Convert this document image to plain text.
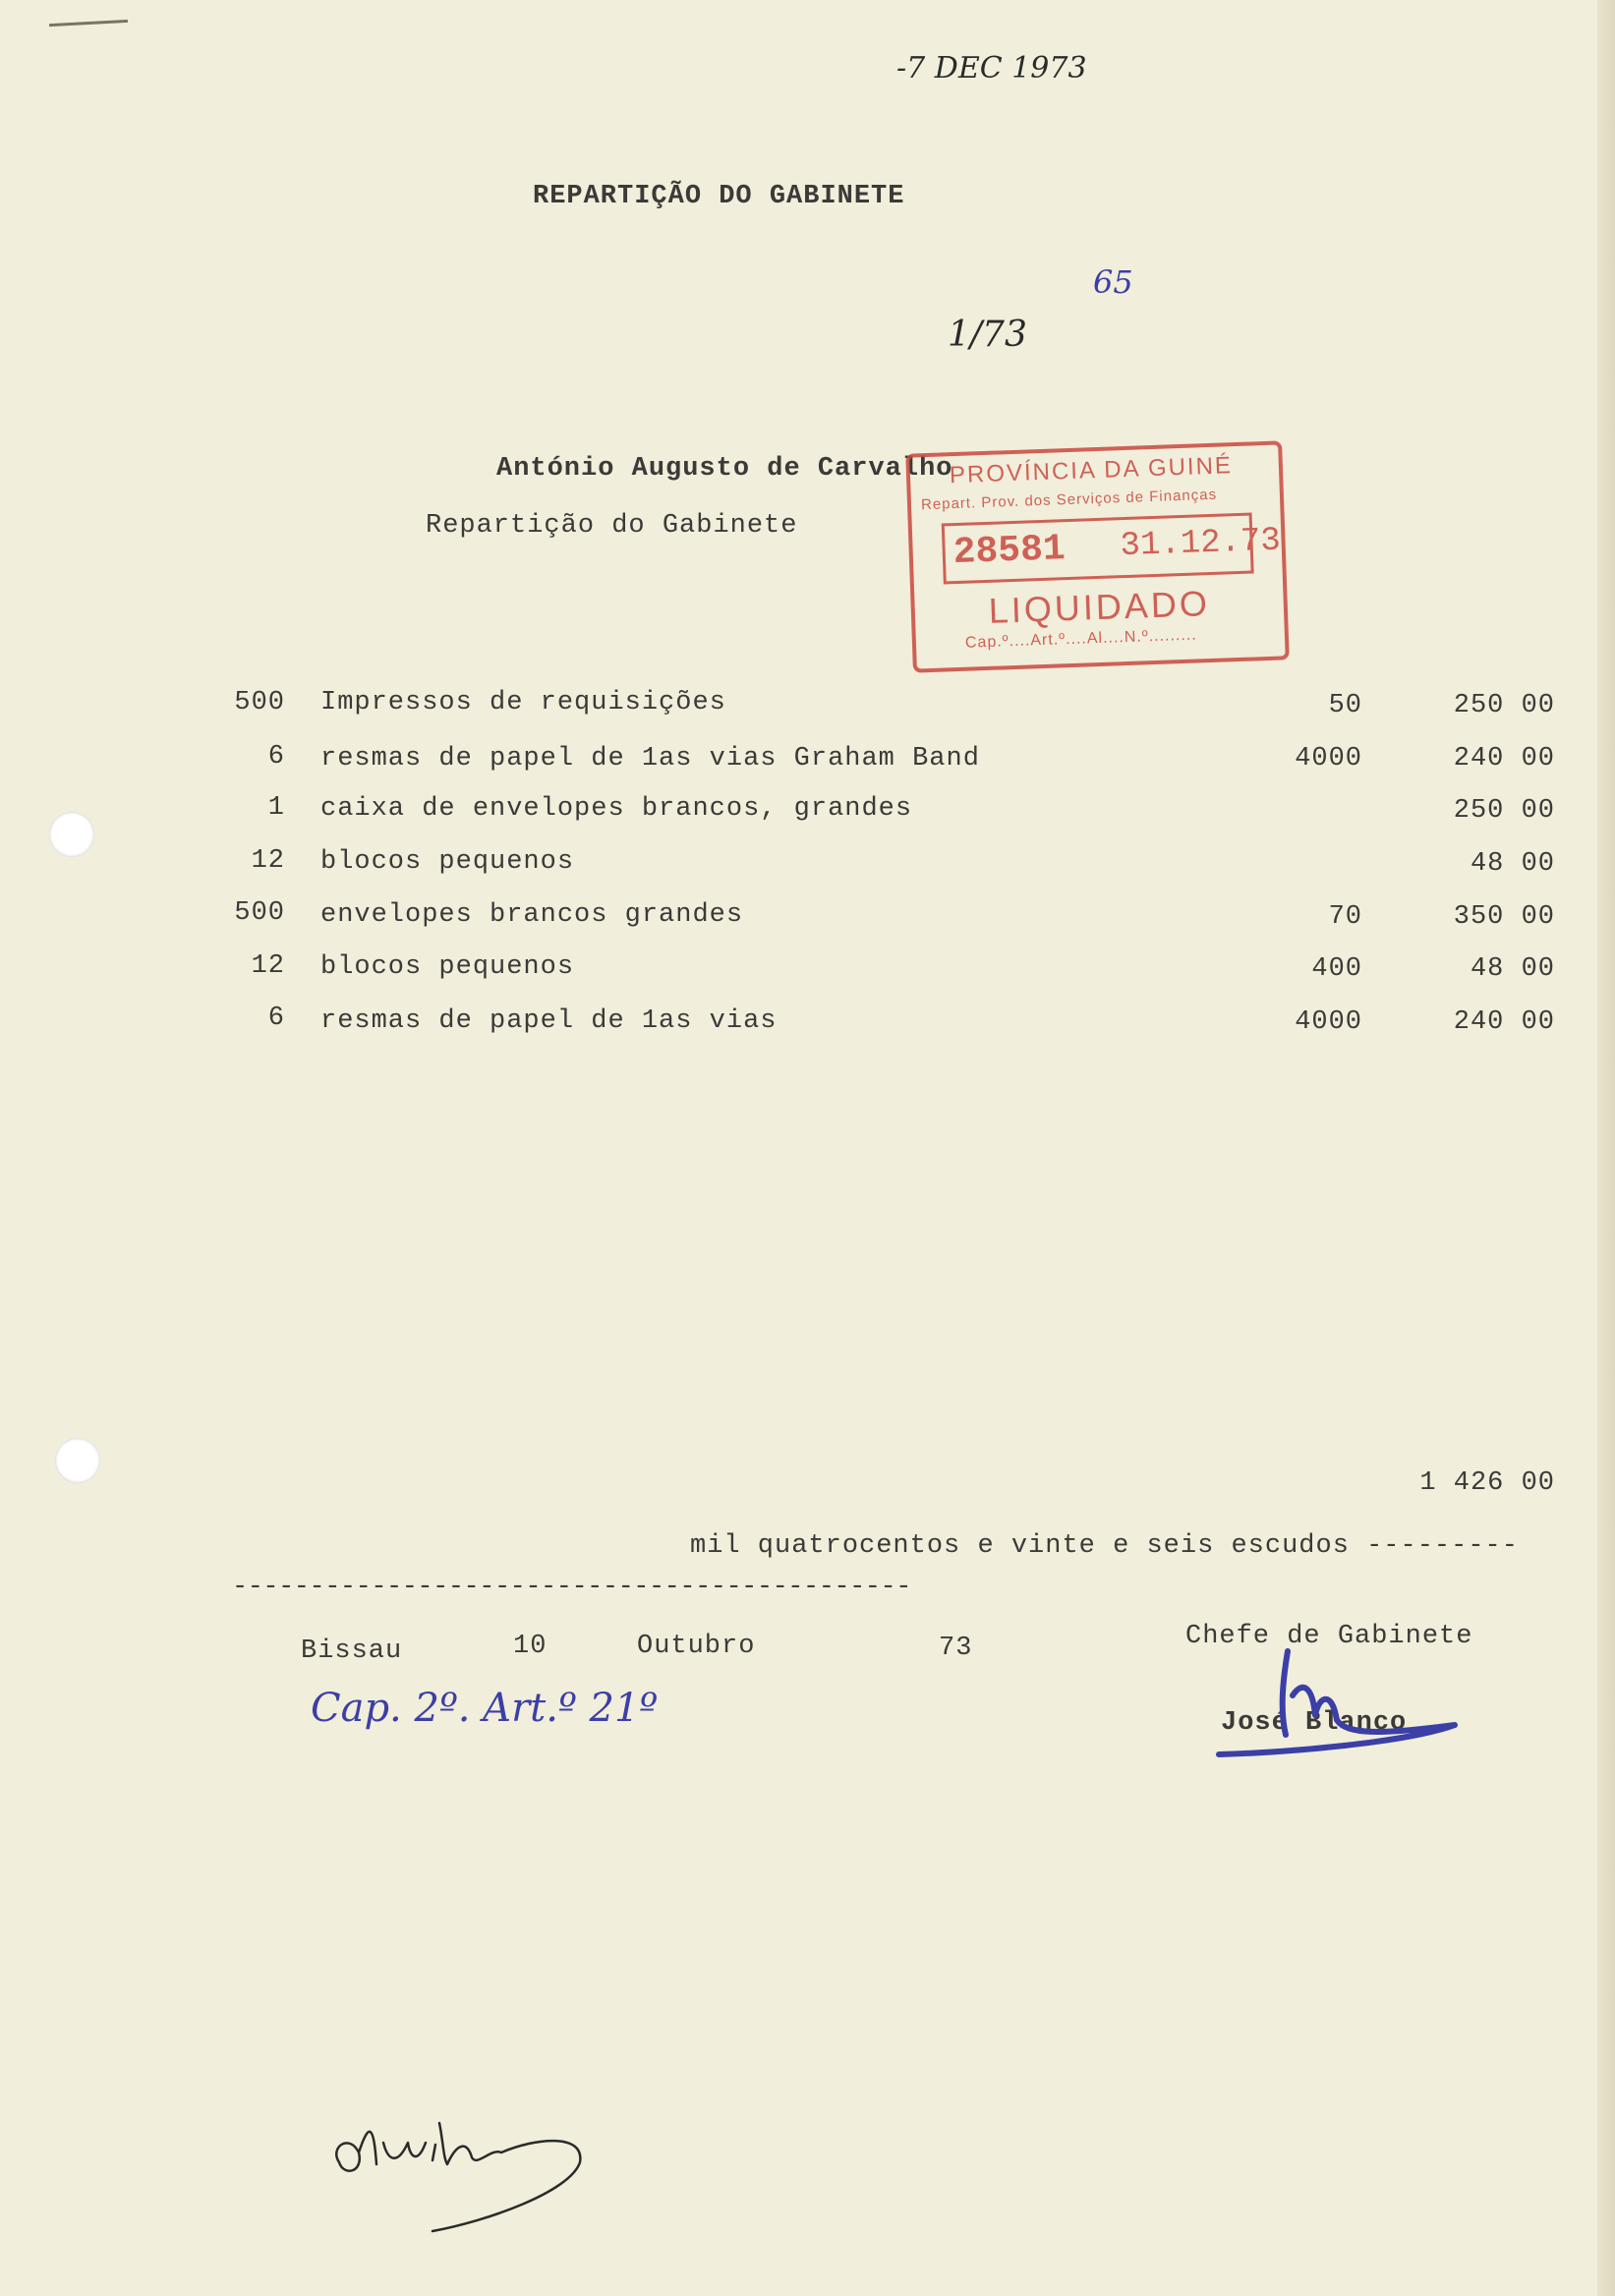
-7 DEC 1973
REPARTIÇÃO DO GABINETE
65
1/73
António Augusto de Carvalho
Repartição do Gabinete
PROVÍNCIA DA GUINÉ
Repart. Prov. dos Serviços de Finanças
28581 31.12.73
LIQUIDADO
Cap.º....Art.º....Al....N.º.........
500 Impressos de requisições	50	250 00
6 resmas de papel de 1as vias Graham Band	4000	240 00
1 caixa de envelopes brancos, grandes	250 00
12 blocos pequenos	48 00
500 envelopes brancos grandes	70	350 00
12 blocos pequenos	400	48 00
6 resmas de papel de 1as vias	4000	240 00
1 426 00
mil quatrocentos e vinte e seis escudos ---------
--------------------------------------------
Bissau	10	Outubro	73	Chefe de Gabinete
José Blanco
Cap. 2º. Art.º 21º
